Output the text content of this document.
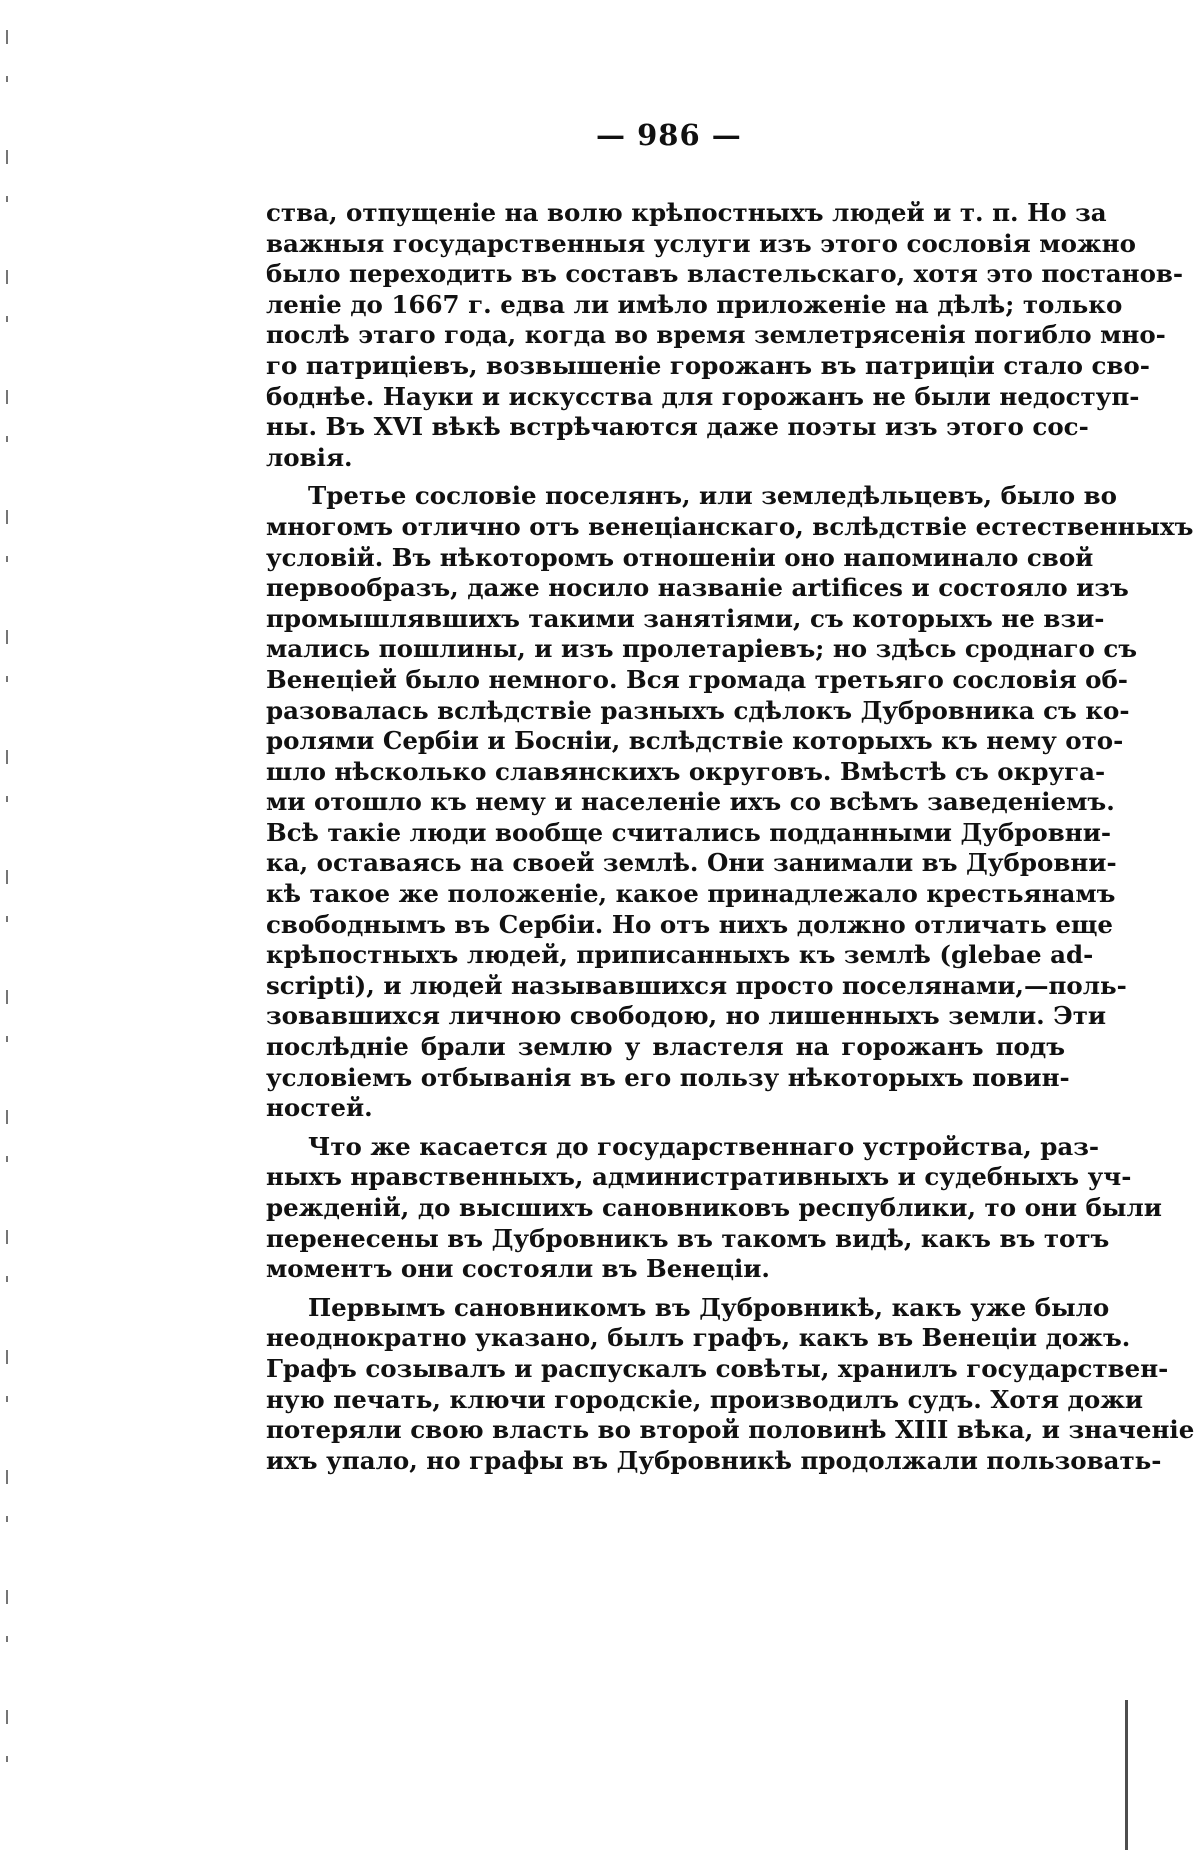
— 986 —
ства, отпущеніе на волю крѣпостныхъ людей и т. п. Но за
важныя государственныя услуги изъ этого сословія можно
было переходить въ составъ властельскаго, хотя это постанов-
леніе до 1667 г. едва ли имѣло приложеніе на дѣлѣ; только
послѣ этаго года, когда во время землетрясенія погибло мно-
го патриціевъ, возвышеніе горожанъ въ патриціи стало сво-
боднѣе. Науки и искусства для горожанъ не были недоступ-
ны. Въ XVI вѣкѣ встрѣчаются даже поэты изъ этого сос-
ловія.
Третье сословіе поселянъ, или земледѣльцевъ, было во
многомъ отлично отъ венеціанскаго, вслѣдствіе естественныхъ
условій. Въ нѣкоторомъ отношеніи оно напоминало свой
первообразъ, даже носило названіе artifices и состояло изъ
промышлявшихъ такими занятіями, съ которыхъ не взи-
мались пошлины, и изъ пролетаріевъ; но здѣсь сроднаго съ
Венеціей было немного. Вся громада третьяго сословія об-
разовалась вслѣдствіе разныхъ сдѣлокъ Дубровника съ ко-
ролями Сербіи и Босніи, вслѣдствіе которыхъ къ нему ото-
шло нѣсколько славянскихъ округовъ. Вмѣстѣ съ округа-
ми отошло къ нему и населеніе ихъ со всѣмъ заведеніемъ.
Всѣ такіе люди вообще считались подданными Дубровни-
ка, оставаясь на своей землѣ. Они занимали въ Дубровни-
кѣ такое же положеніе, какое принадлежало крестьянамъ
свободнымъ въ Сербіи. Но отъ нихъ должно отличать еще
крѣпостныхъ людей, приписанныхъ къ землѣ (glebae ad-
scripti), и людей называвшихся просто поселянами,—поль-
зовавшихся личною свободою, но лишенныхъ земли. Эти
послѣдніе брали землю у властеля на горожанъ подъ
условіемъ отбыванія въ его пользу нѣкоторыхъ повин-
ностей.
Что же касается до государственнаго устройства, раз-
ныхъ нравственныхъ, административныхъ и судебныхъ уч-
режденій, до высшихъ сановниковъ республики, то они были
перенесены въ Дубровникъ въ такомъ видѣ, какъ въ тотъ
моментъ они состояли въ Венеціи.
Первымъ сановникомъ въ Дубровникѣ, какъ уже было
неоднократно указано, былъ графъ, какъ въ Венеціи дожъ.
Графъ созывалъ и распускалъ совѣты, хранилъ государствен-
ную печать, ключи городскіе, производилъ судъ. Хотя дожи
потеряли свою власть во второй половинѣ XIII вѣка, и значеніе
ихъ упало, но графы въ Дубровникѣ продолжали пользовать-
